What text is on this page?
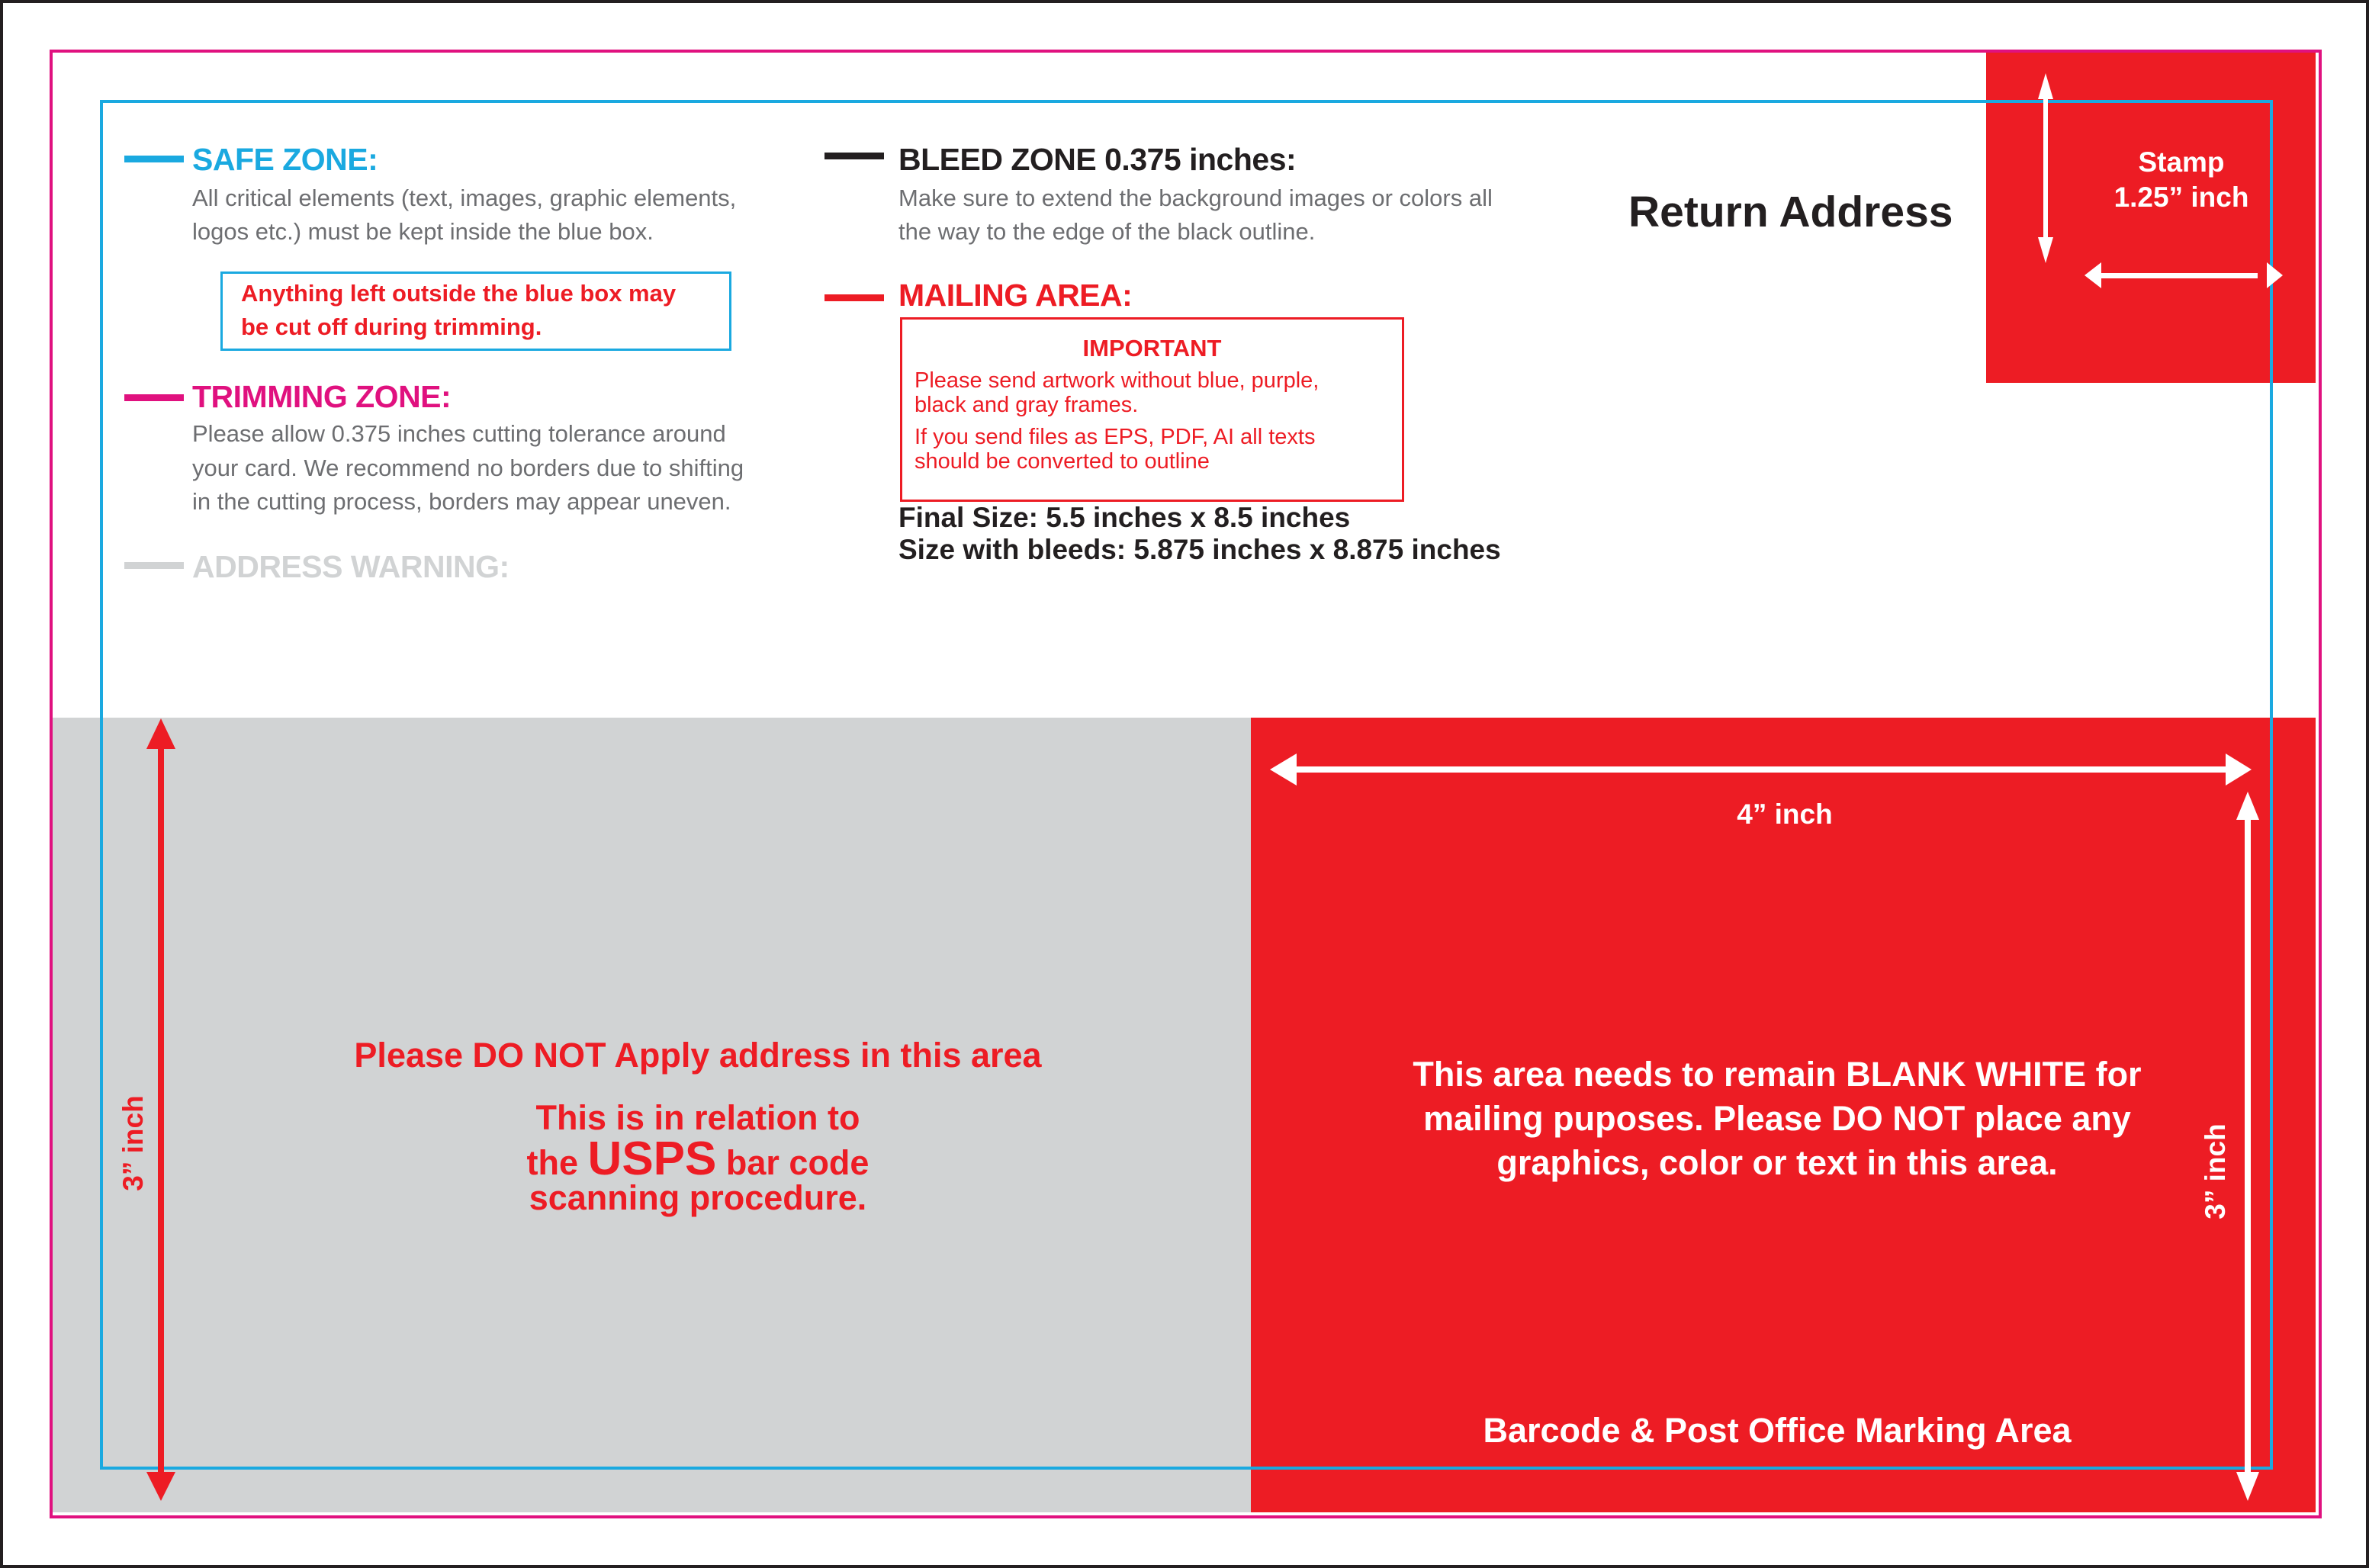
SAFE ZONE:
All critical elements (text, images, graphic elements,
logos etc.) must be kept inside the blue box.
Anything left outside the blue box may
be cut off during trimming.
TRIMMING ZONE:
Please allow 0.375 inches cutting tolerance around
your card. We recommend no borders due to shifting
in the cutting process, borders may appear uneven.
ADDRESS WARNING:
BLEED ZONE 0.375 inches:
Make sure to extend the background images or colors all
the way to the edge of the black outline.
MAILING AREA:
IMPORTANT
Please send artwork without blue, purple,
black and gray frames.
If you send files as EPS, PDF, AI all texts
should be converted to outline
Final Size: 5.5 inches x 8.5 inches
Size with bleeds: 5.875 inches x 8.875 inches
Return Address
Stamp
1.25” inch
Please DO NOT Apply address in this area
This is in relation to
the USPS bar code
scanning procedure.
3” inch
4” inch
This area needs to remain BLANK WHITE for
mailing puposes. Please DO NOT place any
graphics, color or text in this area.
Barcode & Post Office Marking Area
3” inch
